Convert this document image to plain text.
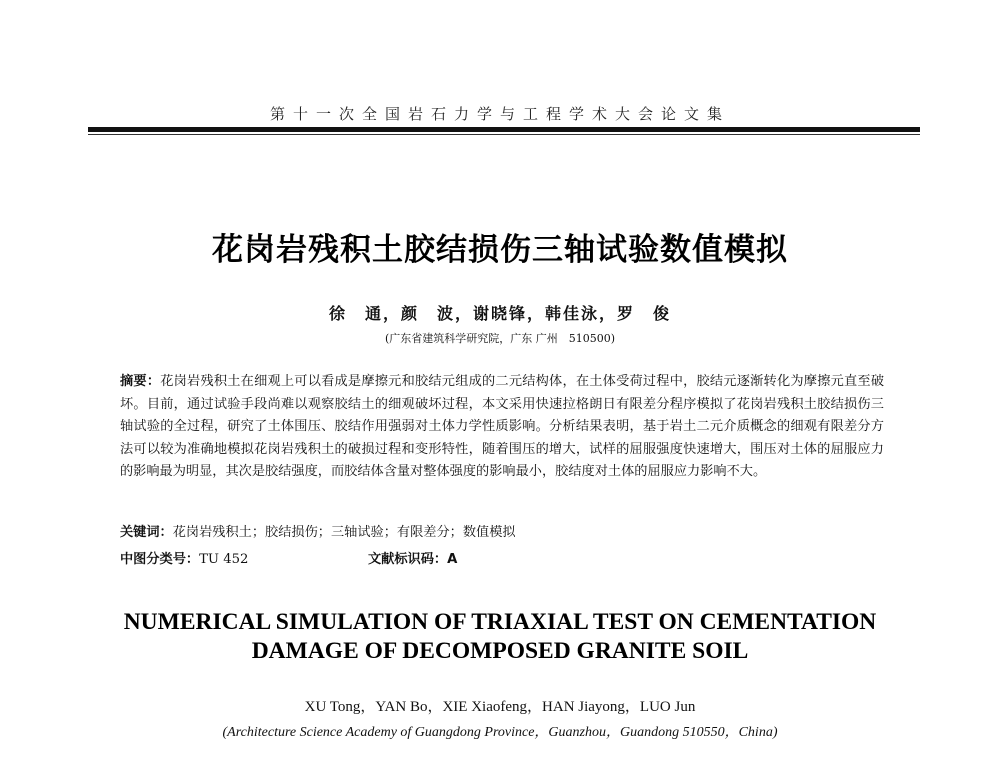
第十一次全国岩石力学与工程学术大会论文集
花岗岩残积土胶结损伤三轴试验数值模拟
徐　通，颜　波，谢晓锋，韩佳泳，罗　俊
(广东省建筑科学研究院，广东 广州　510500)
摘要：花岗岩残积土在细观上可以看成是摩擦元和胶结元组成的二元结构体，在土体受荷过程中，胶结元逐渐转化为摩擦元直至破坏。目前，通过试验手段尚难以观察胶结土的细观破坏过程，本文采用快速拉格朗日有限差分程序模拟了花岗岩残积土胶结损伤三轴试验的全过程，研究了土体围压、胶结作用强弱对土体力学性质影响。分析结果表明，基于岩土二元介质概念的细观有限差分方法可以较为准确地模拟花岗岩残积土的破损过程和变形特性，随着围压的增大，试样的屈服强度快速增大，围压对土体的屈服应力的影响最为明显，其次是胶结强度，而胶结体含量对整体强度的影响最小，胶结度对土体的屈服应力影响不大。
关键词：花岗岩残积土；胶结损伤；三轴试验；有限差分；数值模拟
中图分类号：TU 452	文献标识码：A
NUMERICAL SIMULATION OF TRIAXIAL TEST ON CEMENTATION
DAMAGE OF DECOMPOSED GRANITE SOIL
XU Tong，YAN Bo，XIE Xiaofeng，HAN Jiayong，LUO Jun
(Architecture Science Academy of Guangdong Province，Guanzhou，Guandong 510550，China)
